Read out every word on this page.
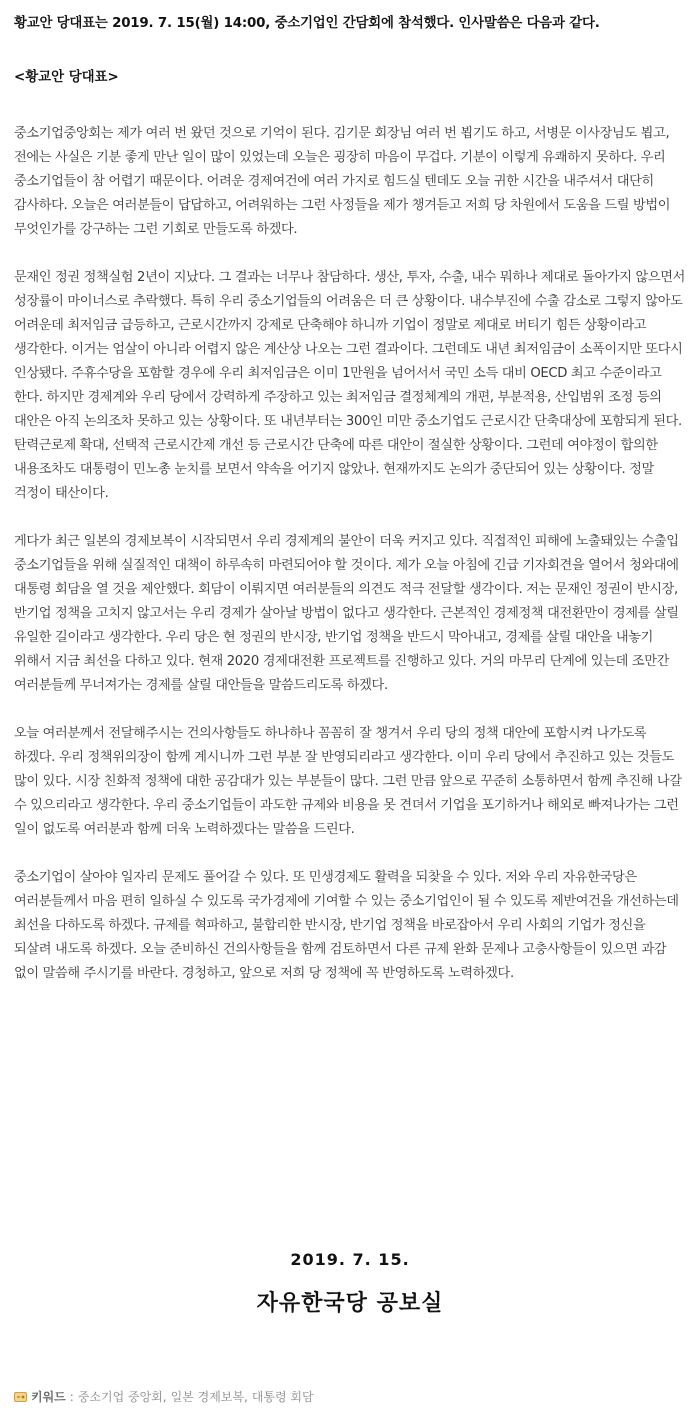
황교안 당대표는 2019. 7. 15(월) 14:00, 중소기업인 간담회에 참석했다. 인사말씀은 다음과 같다.

<황교안 당대표>

중소기업중앙회는 제가 여러 번 왔던 것으로 기억이 된다. 김기문 회장님 여러 번 뵙기도 하고, 서병문 이사장님도 뵙고, 전에는 사실은 기분 좋게 만난 일이 많이 있었는데 오늘은 굉장히 마음이 무겁다. 기분이 이렇게 유쾌하지 못하다. 우리 중소기업들이 참 어렵기 때문이다. 어려운 경제여건에 여러 가지로 힘드실 텐데도 오늘 귀한 시간을 내주셔서 대단히 감사하다. 오늘은 여러분들이 답답하고, 어려워하는 그런 사정들을 제가 챙겨듣고 저희 당 차원에서 도움을 드릴 방법이 무엇인가를 강구하는 그런 기회로 만들도록 하겠다.

문재인 정권 정책실험 2년이 지났다. 그 결과는 너무나 참담하다. 생산, 투자, 수출, 내수 뭐하나 제대로 돌아가지 않으면서 성장률이 마이너스로 추락했다. 특히 우리 중소기업들의 어려움은 더 큰 상황이다. 내수부진에 수출 감소로 그렇지 않아도 어려운데 최저임금 급등하고, 근로시간까지 강제로 단축해야 하니까 기업이 정말로 제대로 버티기 힘든 상황이라고 생각한다. 이거는 엄살이 아니라 어렵지 않은 계산상 나오는 그런 결과이다. 그런데도 내년 최저임금이 소폭이지만 또다시 인상됐다. 주휴수당을 포함할 경우에 우리 최저임금은 이미 1만원을 넘어서서 국민 소득 대비 OECD 최고 수준이라고 한다. 하지만 경제계와 우리 당에서 강력하게 주장하고 있는 최저임금 결정체계의 개편, 부분적용, 산입범위 조정 등의 대안은 아직 논의조차 못하고 있는 상황이다. 또 내년부터는 300인 미만 중소기업도 근로시간 단축대상에 포함되게 된다. 탄력근로제 확대, 선택적 근로시간제 개선 등 근로시간 단축에 따른 대안이 절실한 상황이다. 그런데 여야정이 합의한 내용조차도 대통령이 민노총 눈치를 보면서 약속을 어기지 않았나. 현재까지도 논의가 중단되어 있는 상황이다. 정말 걱정이 태산이다.

게다가 최근 일본의 경제보복이 시작되면서 우리 경제계의 불안이 더욱 커지고 있다. 직접적인 피해에 노출돼있는 수출입 중소기업들을 위해 실질적인 대책이 하루속히 마련되어야 할 것이다. 제가 오늘 아침에 긴급 기자회견을 열어서 청와대에 대통령 회담을 열 것을 제안했다. 회담이 이뤄지면 여러분들의 의견도 적극 전달할 생각이다. 저는 문재인 정권이 반시장, 반기업 정책을 고치지 않고서는 우리 경제가 살아날 방법이 없다고 생각한다. 근본적인 경제정책 대전환만이 경제를 살릴 유일한 길이라고 생각한다. 우리 당은 현 정권의 반시장, 반기업 정책을 반드시 막아내고, 경제를 살릴 대안을 내놓기 위해서 지금 최선을 다하고 있다. 현재 2020 경제대전환 프로젝트를 진행하고 있다. 거의 마무리 단계에 있는데 조만간 여러분들께 무너져가는 경제를 살릴 대안들을 말씀드리도록 하겠다.

오늘 여러분께서 전달해주시는 건의사항들도 하나하나 꼼꼼히 잘 챙겨서 우리 당의 정책 대안에 포함시켜 나가도록 하겠다. 우리 정책위의장이 함께 계시니까 그런 부분 잘 반영되리라고 생각한다. 이미 우리 당에서 추진하고 있는 것들도 많이 있다. 시장 친화적 정책에 대한 공감대가 있는 부분들이 많다. 그런 만큼 앞으로 꾸준히 소통하면서 함께 추진해 나갈 수 있으리라고 생각한다. 우리 중소기업들이 과도한 규제와 비용을 못 견뎌서 기업을 포기하거나 해외로 빠져나가는 그런 일이 없도록 여러분과 함께 더욱 노력하겠다는 말씀을 드린다.

중소기업이 살아야 일자리 문제도 풀어갈 수 있다. 또 민생경제도 활력을 되찾을 수 있다. 저와 우리 자유한국당은 여러분들께서 마음 편히 일하실 수 있도록 국가경제에 기여할 수 있는 중소기업인이 될 수 있도록 제반여건을 개선하는데 최선을 다하도록 하겠다. 규제를 혁파하고, 불합리한 반시장, 반기업 정책을 바로잡아서 우리 사회의 기업가 정신을 되살려 내도록 하겠다. 오늘 준비하신 건의사항들을 함께 검토하면서 다른 규제 완화 문제나 고충사항들이 있으면 과감 없이 말씀해 주시기를 바란다. 경청하고, 앞으로 저희 당 정책에 꼭 반영하도록 노력하겠다.

2019. 7. 15.
자유한국당 공보실
키워드 : 중소기업 중앙회 , 일본 경제보복 , 대통령 회담
